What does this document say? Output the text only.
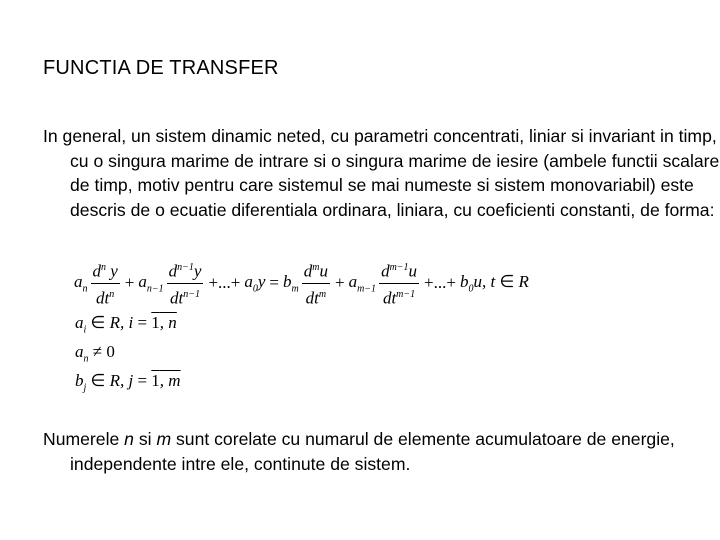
FUNCTIA DE TRANSFER
In general, un sistem dinamic neted, cu parametri concentrati, liniar si invariant in timp, cu o singura marime de intrare si o singura marime de iesire (ambele functii scalare de timp, motiv pentru care sistemul se mai numeste si sistem monovariabil) este descris de o ecuatie diferentiala ordinara, liniara, cu coeficienti constanti, de forma:
$a_n \frac{d^n y}{dt^n} + a_{n-1} \frac{d^{n-1}y}{dt^{n-1}}$ +...+ $a_0y = b_m \frac{d^mu}{dt^m} + a_{m-1} \frac{d^{m-1}u}{dt^{m-1}}$ +...+ $b_0u$, t ∈ R
$a_i$ ∈ R, i = 1, n
$a_n \ne 0$
$b_j$ ∈ R, j = 1, m
Numerele n si m sunt corelate cu numarul de elemente acumulatoare de energie, independente intre ele, continute de sistem.
